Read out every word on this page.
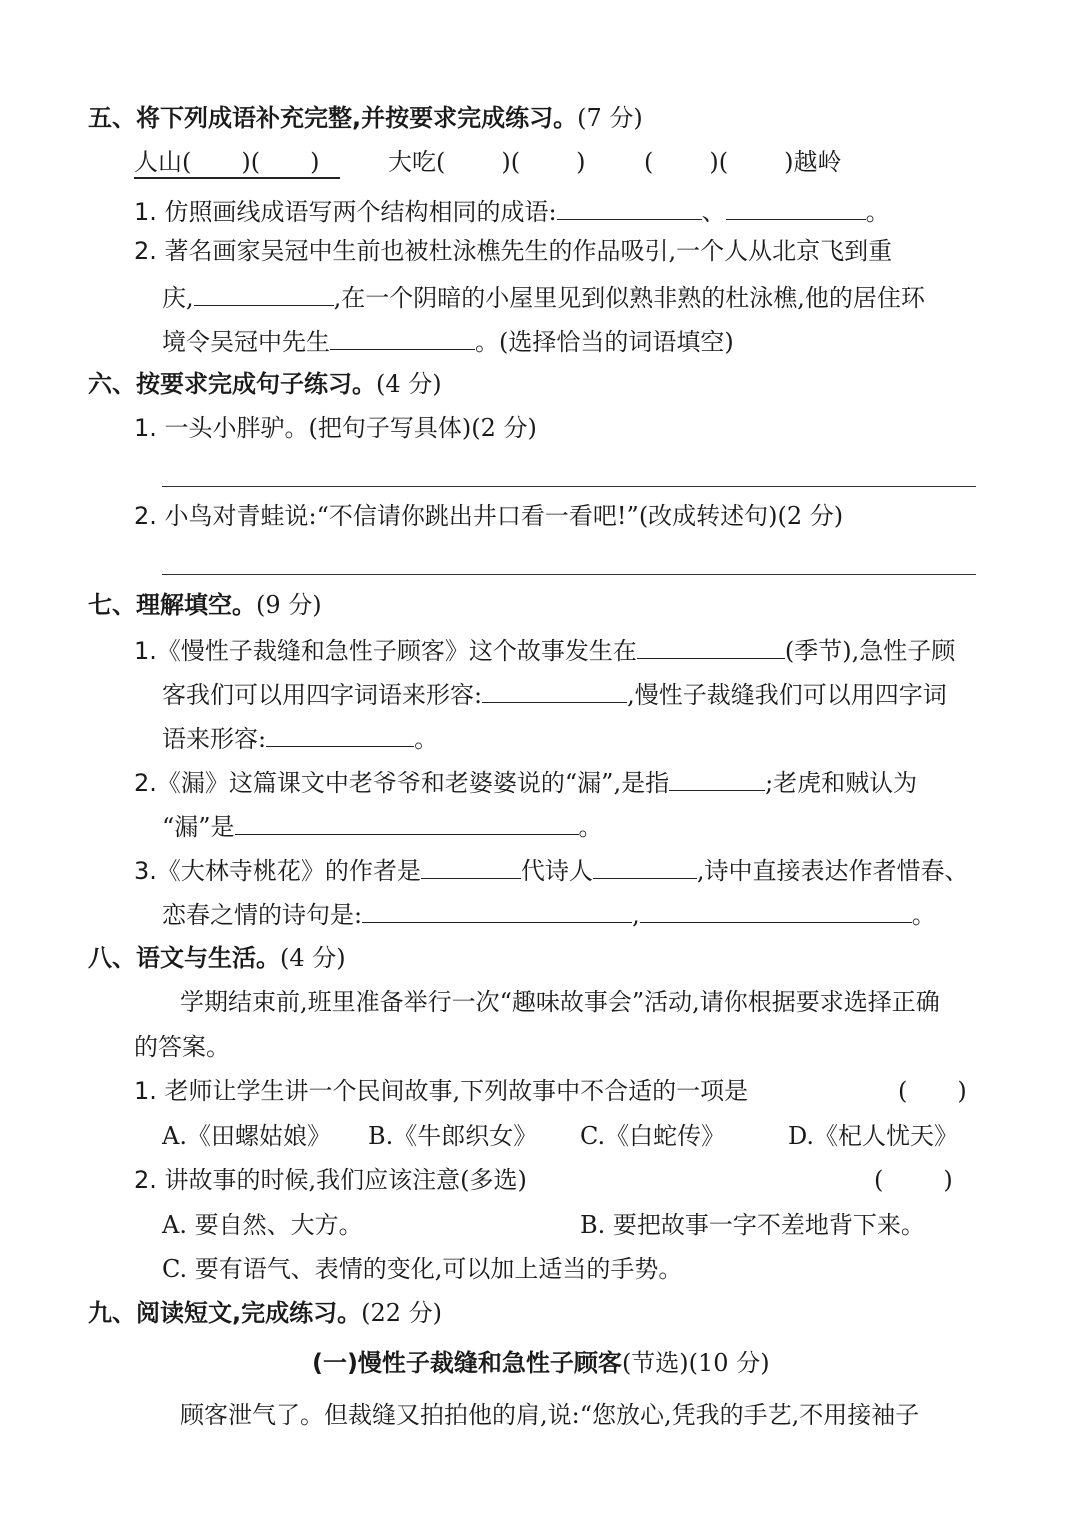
五、将下列成语补充完整,并按要求完成练习。(7 分)
人山( )( )	大吃( )( ) ( )( )越岭
1. 仿照画线成语写两个结构相同的成语:	、	。
2. 著名画家吴冠中生前也被杜泳樵先生的作品吸引,一个人从北京飞到重
庆,	,在一个阴暗的小屋里见到似熟非熟的杜泳樵,他的居住环
境令吴冠中先生	。(选择恰当的词语填空)
六、按要求完成句子练习。(4 分)
1. 一头小胖驴。(把句子写具体)(2 分)
2. 小鸟对青蛙说:“不信请你跳出井口看一看吧!”(改成转述句)(2 分)
七、理解填空。(9 分)
1.《慢性子裁缝和急性子顾客》这个故事发生在	(季节),急性子顾
客我们可以用四字词语来形容:	,慢性子裁缝我们可以用四字词
语来形容:	。
2.《漏》这篇课文中老爷爷和老婆婆说的“漏”,是指	;老虎和贼认为
“漏”是	。
3.《大林寺桃花》的作者是	代诗人	,诗中直接表达作者惜春、
恋春之情的诗句是:	,	。
八、语文与生活。(4 分)
学期结束前,班里准备举行一次“趣味故事会”活动,请你根据要求选择正确
的答案。
1. 老师让学生讲一个民间故事,下列故事中不合适的一项是	( )
A.《田螺姑娘》 B.《牛郎织女》 C.《白蛇传》	D.《杞人忧天》
2. 讲故事的时候,我们应该注意(多选)	(	)
A. 要自然、大方。	B. 要把故事一字不差地背下来。
C. 要有语气、表情的变化,可以加上适当的手势。
九、阅读短文,完成练习。(22 分)
(一)慢性子裁缝和急性子顾客(节选)(10 分)
顾客泄气了。但裁缝又拍拍他的肩,说:“您放心,凭我的手艺,不用接袖子
